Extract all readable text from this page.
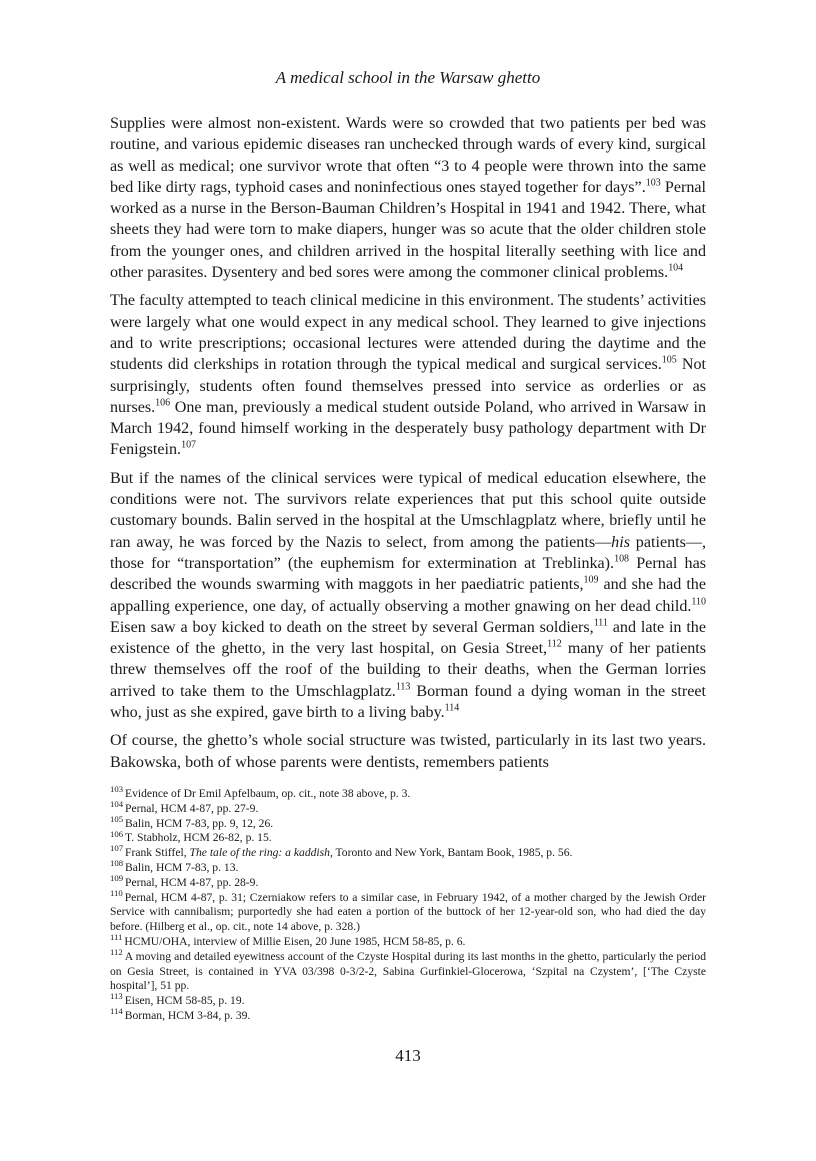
A medical school in the Warsaw ghetto

Supplies were almost non-existent. Wards were so crowded that two patients per bed was routine, and various epidemic diseases ran unchecked through wards of every kind, surgical as well as medical; one survivor wrote that often “3 to 4 people were thrown into the same bed like dirty rags, typhoid cases and noninfectious ones stayed together for days”.$^{103}$ Pernal worked as a nurse in the Berson-Bauman Children’s Hospital in 1941 and 1942. There, what sheets they had were torn to make diapers, hunger was so acute that the older children stole from the younger ones, and children arrived in the hospital literally seething with lice and other parasites. Dysentery and bed sores were among the commoner clinical problems.$^{104}$

The faculty attempted to teach clinical medicine in this environment. The students’ activities were largely what one would expect in any medical school. They learned to give injections and to write prescriptions; occasional lectures were attended during the daytime and the students did clerkships in rotation through the typical medical and surgical services.$^{105}$ Not surprisingly, students often found themselves pressed into service as orderlies or as nurses.$^{106}$ One man, previously a medical student outside Poland, who arrived in Warsaw in March 1942, found himself working in the desperately busy pathology department with Dr Fenigstein.$^{107}$

But if the names of the clinical services were typical of medical education elsewhere, the conditions were not. The survivors relate experiences that put this school quite outside customary bounds. Balin served in the hospital at the Umschlagplatz where, briefly until he ran away, he was forced by the Nazis to select, from among the patients—his patients—, those for “transportation” (the euphemism for extermination at Treblinka).$^{108}$ Pernal has described the wounds swarming with maggots in her paediatric patients,$^{109}$ and she had the appalling experience, one day, of actually observing a mother gnawing on her dead child.$^{110}$ Eisen saw a boy kicked to death on the street by several German soldiers,$^{111}$ and late in the existence of the ghetto, in the very last hospital, on Gesia Street,$^{112}$ many of her patients threw themselves off the roof of the building to their deaths, when the German lorries arrived to take them to the Umschlagplatz.$^{113}$ Borman found a dying woman in the street who, just as she expired, gave birth to a living baby.$^{114}$

Of course, the ghetto’s whole social structure was twisted, particularly in its last two years. Bakowska, both of whose parents were dentists, remembers patients

$^{103}$ Evidence of Dr Emil Apfelbaum, op. cit., note 38 above, p. 3.
$^{104}$ Pernal, HCM 4-87, pp. 27-9.
$^{105}$ Balin, HCM 7-83, pp. 9, 12, 26.
$^{106}$ T. Stabholz, HCM 26-82, p. 15.
$^{107}$ Frank Stiffel, The tale of the ring: a kaddish, Toronto and New York, Bantam Book, 1985, p. 56.
$^{108}$ Balin, HCM 7-83, p. 13.
$^{109}$ Pernal, HCM 4-87, pp. 28-9.
$^{110}$ Pernal, HCM 4-87, p. 31; Czerniakow refers to a similar case, in February 1942, of a mother charged by the Jewish Order Service with cannibalism; purportedly she had eaten a portion of the buttock of her 12-year-old son, who had died the day before. (Hilberg et al., op. cit., note 14 above, p. 328.)
$^{111}$ HCMU/OHA, interview of Millie Eisen, 20 June 1985, HCM 58-85, p. 6.
$^{112}$ A moving and detailed eyewitness account of the Czyste Hospital during its last months in the ghetto, particularly the period on Gesia Street, is contained in YVA 03/398 0-3/2-2, Sabina Gurfinkiel-Glocerowa, ‘Szpital na Czystem’, [‘The Czyste hospital’], 51 pp.
$^{113}$ Eisen, HCM 58-85, p. 19.
$^{114}$ Borman, HCM 3-84, p. 39.
413
